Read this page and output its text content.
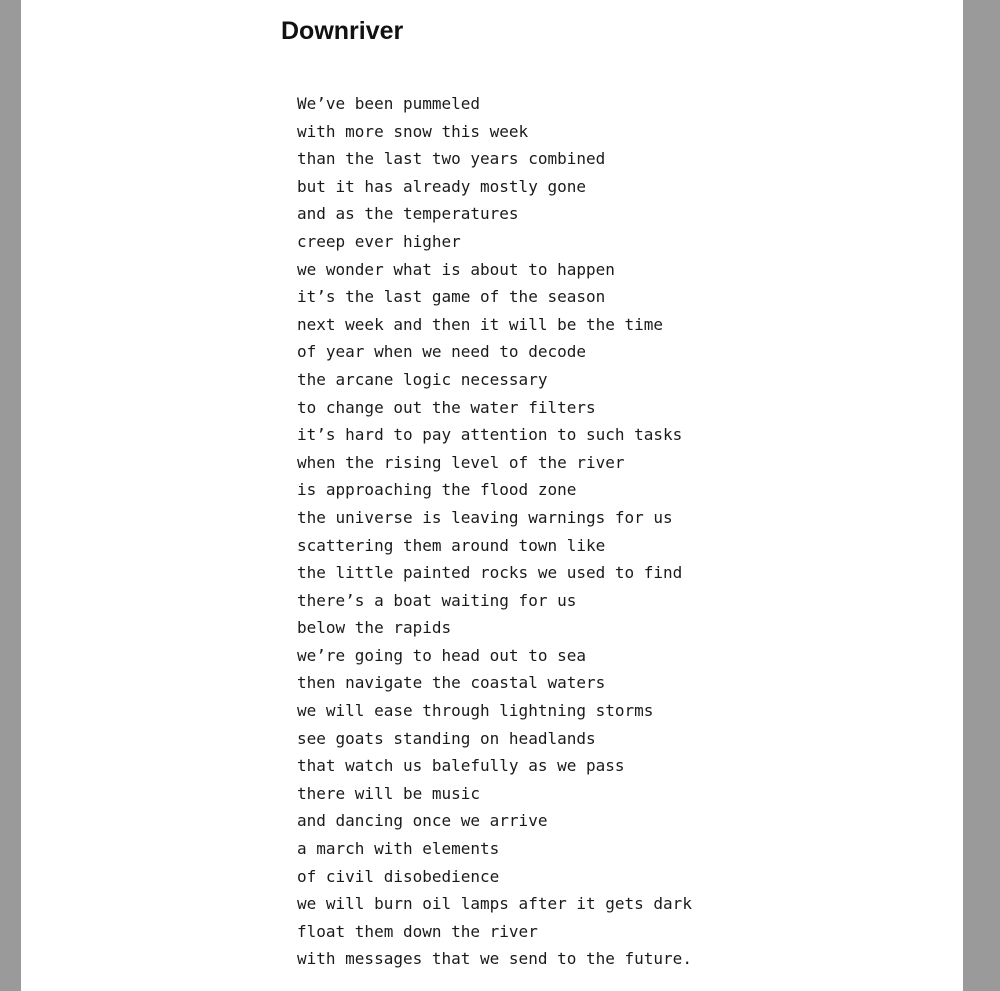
Downriver
We’ve been pummeled
with more snow this week
than the last two years combined
but it has already mostly gone
and as the temperatures
creep ever higher
we wonder what is about to happen
it’s the last game of the season
next week and then it will be the time
of year when we need to decode
the arcane logic necessary
to change out the water filters
it’s hard to pay attention to such tasks
when the rising level of the river
is approaching the flood zone
the universe is leaving warnings for us
scattering them around town like
the little painted rocks we used to find
there’s a boat waiting for us
below the rapids
we’re going to head out to sea
then navigate the coastal waters
we will ease through lightning storms
see goats standing on headlands
that watch us balefully as we pass
there will be music
and dancing once we arrive
a march with elements
of civil disobedience
we will burn oil lamps after it gets dark
float them down the river
with messages that we send to the future.
